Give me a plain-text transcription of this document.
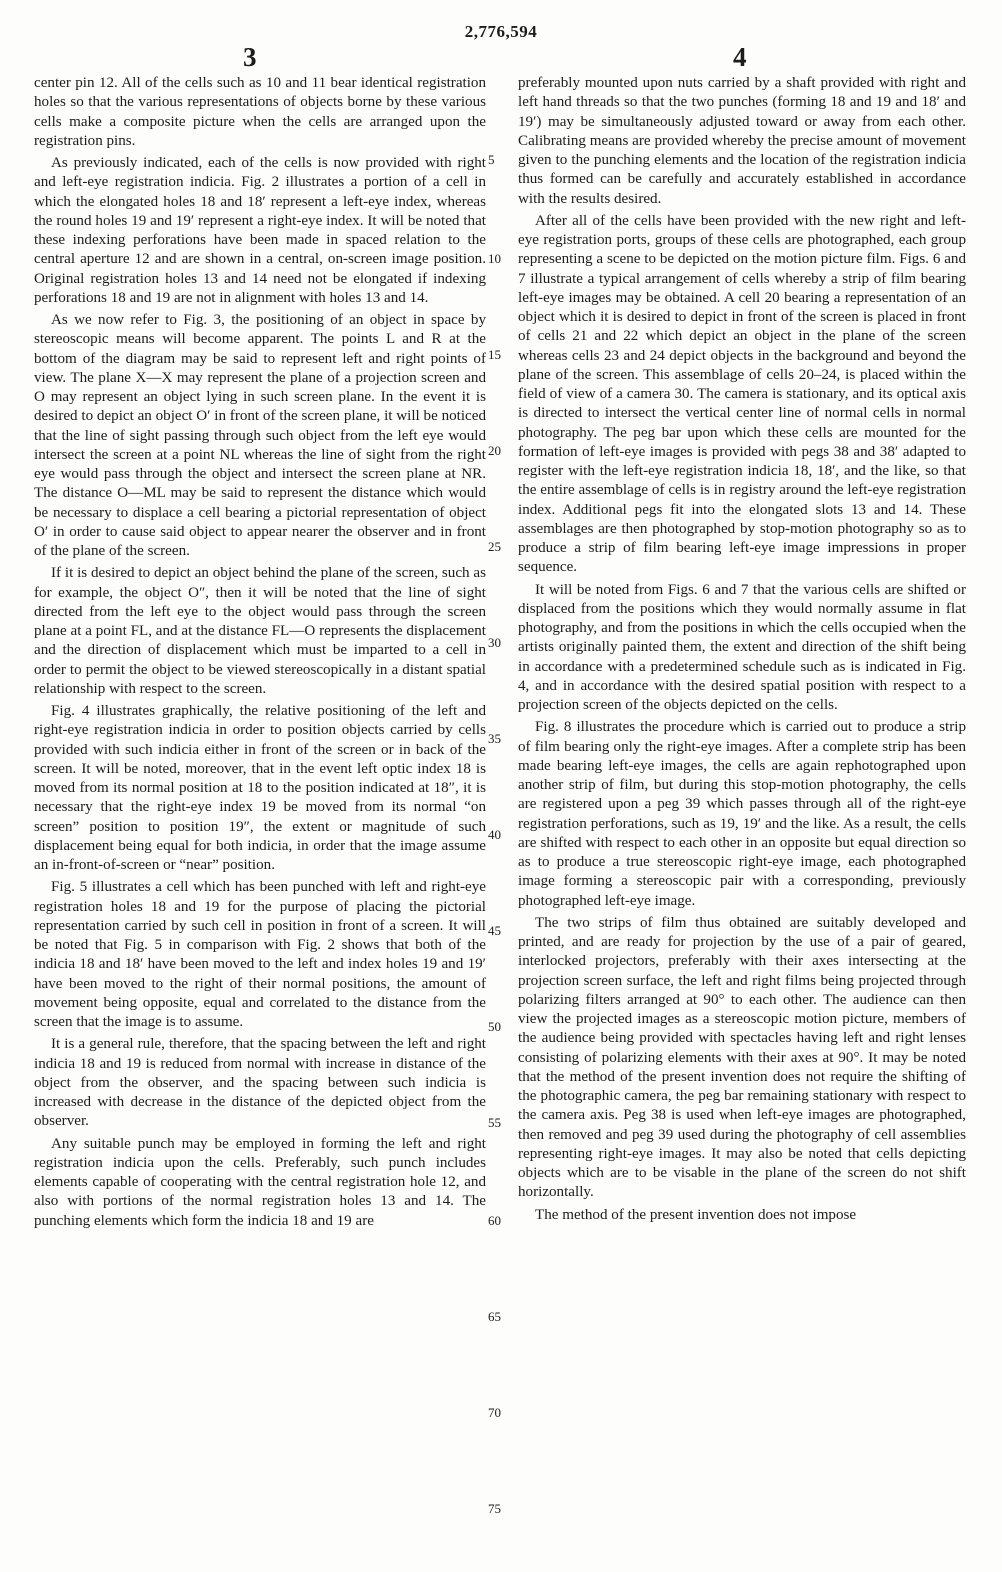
2,776,594
3	4

center pin 12. All of the cells such as 10 and 11 bear identical registration holes so that the various representations of objects borne by these various cells make a composite picture when the cells are arranged upon the registration pins.

As previously indicated, each of the cells is now provided with right and left-eye registration indicia. Fig. 2 illustrates a portion of a cell in which the elongated holes 18 and 18′ represent a left-eye index, whereas the round holes 19 and 19′ represent a right-eye index. It will be noted that these indexing perforations have been made in spaced relation to the central aperture 12 and are shown in a central, on-screen image position. Original registration holes 13 and 14 need not be elongated if indexing perforations 18 and 19 are not in alignment with holes 13 and 14.

As we now refer to Fig. 3, the positioning of an object in space by stereoscopic means will become apparent. The points L and R at the bottom of the diagram may be said to represent left and right points of view. The plane X—X may represent the plane of a projection screen and O may represent an object lying in such screen plane. In the event it is desired to depict an object O′ in front of the screen plane, it will be noticed that the line of sight passing through such object from the left eye would intersect the screen at a point NL whereas the line of sight from the right eye would pass through the object and intersect the screen plane at NR. The distance O—ML may be said to represent the distance which would be necessary to displace a cell bearing a pictorial representation of object O′ in order to cause said object to appear nearer the observer and in front of the plane of the screen.

If it is desired to depict an object behind the plane of the screen, such as for example, the object O″, then it will be noted that the line of sight directed from the left eye to the object would pass through the screen plane at a point FL, and at the distance FL—O represents the displacement and the direction of displacement which must be imparted to a cell in order to permit the object to be viewed stereoscopically in a distant spatial relationship with respect to the screen.

Fig. 4 illustrates graphically, the relative positioning of the left and right-eye registration indicia in order to position objects carried by cells provided with such indicia either in front of the screen or in back of the screen. It will be noted, moreover, that in the event left optic index 18 is moved from its normal position at 18 to the position indicated at 18″, it is necessary that the right-eye index 19 be moved from its normal “on screen” position to position 19″, the extent or magnitude of such displacement being equal for both indicia, in order that the image assume an in-front-of-screen or “near” position.

Fig. 5 illustrates a cell which has been punched with left and right-eye registration holes 18 and 19 for the purpose of placing the pictorial representation carried by such cell in position in front of a screen. It will be noted that Fig. 5 in comparison with Fig. 2 shows that both of the indicia 18 and 18′ have been moved to the left and index holes 19 and 19′ have been moved to the right of their normal positions, the amount of movement being opposite, equal and correlated to the distance from the screen that the image is to assume.

It is a general rule, therefore, that the spacing between the left and right indicia 18 and 19 is reduced from normal with increase in distance of the object from the observer, and the spacing between such indicia is increased with decrease in the distance of the depicted object from the observer.

Any suitable punch may be employed in forming the left and right registration indicia upon the cells. Preferably, such punch includes elements capable of cooperating with the central registration hole 12, and also with portions of the normal registration holes 13 and 14. The punching elements which form the indicia 18 and 19 are

5
10
15
20
25
30
35
40
45
50
55
60
65
70
75

preferably mounted upon nuts carried by a shaft provided with right and left hand threads so that the two punches (forming 18 and 19 and 18′ and 19′) may be simultaneously adjusted toward or away from each other. Calibrating means are provided whereby the precise amount of movement given to the punching elements and the location of the registration indicia thus formed can be carefully and accurately established in accordance with the results desired.

After all of the cells have been provided with the new right and left-eye registration ports, groups of these cells are photographed, each group representing a scene to be depicted on the motion picture film. Figs. 6 and 7 illustrate a typical arrangement of cells whereby a strip of film bearing left-eye images may be obtained. A cell 20 bearing a representation of an object which it is desired to depict in front of the screen is placed in front of cells 21 and 22 which depict an object in the plane of the screen whereas cells 23 and 24 depict objects in the background and beyond the plane of the screen. This assemblage of cells 20–24, is placed within the field of view of a camera 30. The camera is stationary, and its optical axis is directed to intersect the vertical center line of normal cells in normal photography. The peg bar upon which these cells are mounted for the formation of left-eye images is provided with pegs 38 and 38′ adapted to register with the left-eye registration indicia 18, 18′, and the like, so that the entire assemblage of cells is in registry around the left-eye registration index. Additional pegs fit into the elongated slots 13 and 14. These assemblages are then photographed by stop-motion photography so as to produce a strip of film bearing left-eye image impressions in proper sequence.

It will be noted from Figs. 6 and 7 that the various cells are shifted or displaced from the positions which they would normally assume in flat photography, and from the positions in which the cells occupied when the artists originally painted them, the extent and direction of the shift being in accordance with a predetermined schedule such as is indicated in Fig. 4, and in accordance with the desired spatial position with respect to a projection screen of the objects depicted on the cells.

Fig. 8 illustrates the procedure which is carried out to produce a strip of film bearing only the right-eye images. After a complete strip has been made bearing left-eye images, the cells are again rephotographed upon another strip of film, but during this stop-motion photography, the cells are registered upon a peg 39 which passes through all of the right-eye registration perforations, such as 19, 19′ and the like. As a result, the cells are shifted with respect to each other in an opposite but equal direction so as to produce a true stereoscopic right-eye image, each photographed image forming a stereoscopic pair with a corresponding, previously photographed left-eye image.

The two strips of film thus obtained are suitably developed and printed, and are ready for projection by the use of a pair of geared, interlocked projectors, preferably with their axes intersecting at the projection screen surface, the left and right films being projected through polarizing filters arranged at 90° to each other. The audience can then view the projected images as a stereoscopic motion picture, members of the audience being provided with spectacles having left and right lenses consisting of polarizing elements with their axes at 90°. It may be noted that the method of the present invention does not require the shifting of the photographic camera, the peg bar remaining stationary with respect to the camera axis. Peg 38 is used when left-eye images are photographed, then removed and peg 39 used during the photography of cell assemblies representing right-eye images. It may also be noted that cells depicting objects which are to be visable in the plane of the screen do not shift horizontally.

The method of the present invention does not impose
